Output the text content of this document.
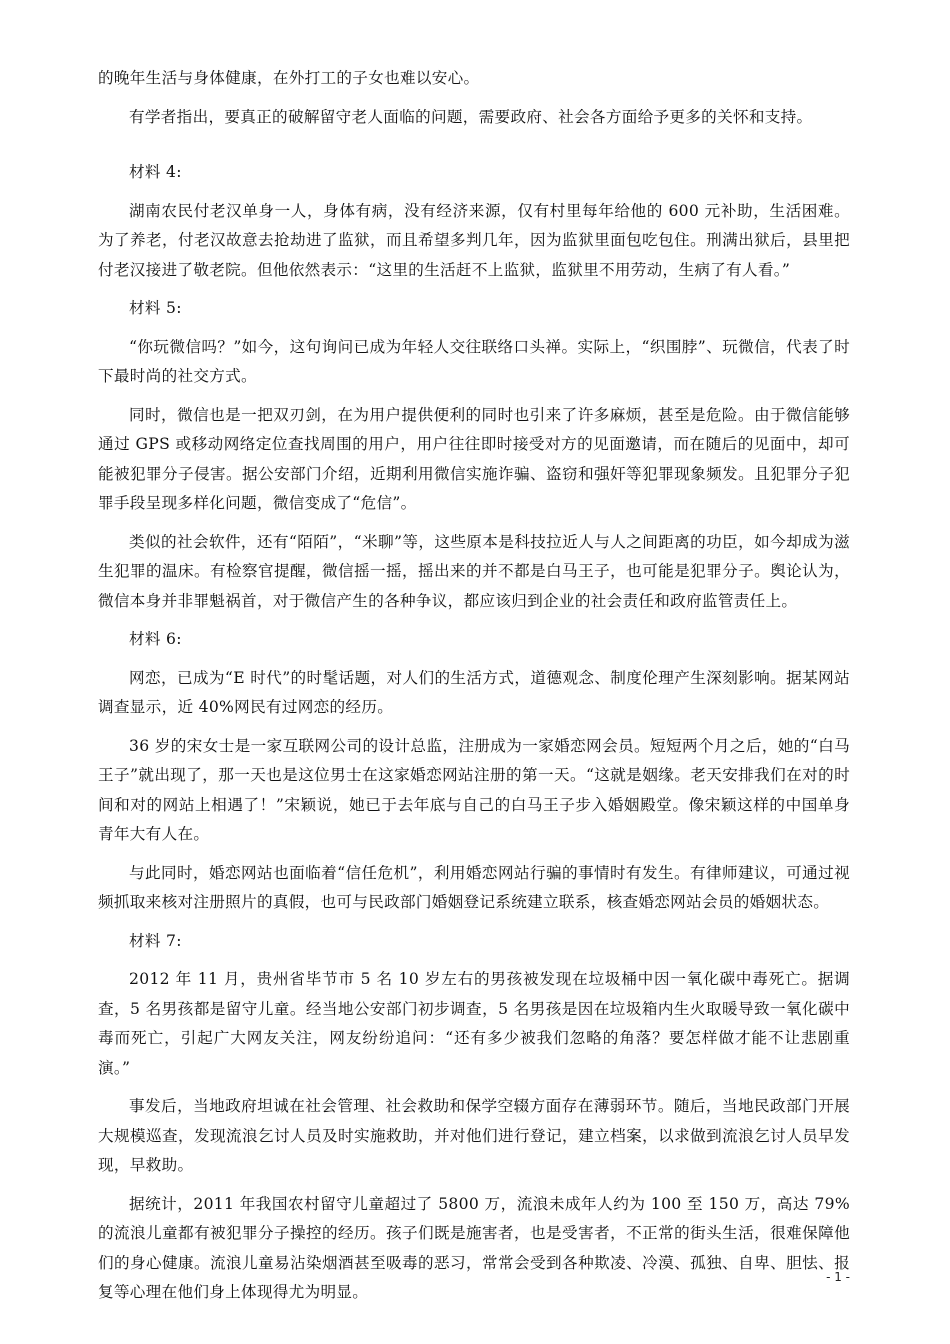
的晚年生活与身体健康，在外打工的子女也难以安心。

有学者指出，要真正的破解留守老人面临的问题，需要政府、社会各方面给予更多的关怀和支持。

材料 4:

湖南农民付老汉单身一人，身体有病，没有经济来源，仅有村里每年给他的 600 元补助，生活困难。为了养老，付老汉故意去抢劫进了监狱，而且希望多判几年，因为监狱里面包吃包住。刑满出狱后，县里把付老汉接进了敬老院。但他依然表示：“这里的生活赶不上监狱，监狱里不用劳动，生病了有人看。”

材料 5:

“你玩微信吗？”如今，这句询问已成为年轻人交往联络口头禅。实际上，“织围脖”、玩微信，代表了时下最时尚的社交方式。

同时，微信也是一把双刃剑，在为用户提供便利的同时也引来了许多麻烦，甚至是危险。由于微信能够通过 GPS 或移动网络定位查找周围的用户，用户往往即时接受对方的见面邀请，而在随后的见面中，却可能被犯罪分子侵害。据公安部门介绍，近期利用微信实施诈骗、盗窃和强奸等犯罪现象频发。且犯罪分子犯罪手段呈现多样化问题，微信变成了“危信”。

类似的社会软件，还有“陌陌”，“米聊”等，这些原本是科技拉近人与人之间距离的功臣，如今却成为滋生犯罪的温床。有检察官提醒，微信摇一摇，摇出来的并不都是白马王子，也可能是犯罪分子。舆论认为，微信本身并非罪魁祸首，对于微信产生的各种争议，都应该归到企业的社会责任和政府监管责任上。

材料 6:

网恋，已成为“E 时代”的时髦话题，对人们的生活方式，道德观念、制度伦理产生深刻影响。据某网站调查显示，近 40%网民有过网恋的经历。

36 岁的宋女士是一家互联网公司的设计总监，注册成为一家婚恋网会员。短短两个月之后，她的“白马王子”就出现了，那一天也是这位男士在这家婚恋网站注册的第一天。“这就是姻缘。老天安排我们在对的时间和对的网站上相遇了！”宋颖说，她已于去年底与自己的白马王子步入婚姻殿堂。像宋颖这样的中国单身青年大有人在。

与此同时，婚恋网站也面临着“信任危机”，利用婚恋网站行骗的事情时有发生。有律师建议，可通过视频抓取来核对注册照片的真假，也可与民政部门婚姻登记系统建立联系，核查婚恋网站会员的婚姻状态。

材料 7:

2012 年 11 月，贵州省毕节市 5 名 10 岁左右的男孩被发现在垃圾桶中因一氧化碳中毒死亡。据调查，5 名男孩都是留守儿童。经当地公安部门初步调查，5 名男孩是因在垃圾箱内生火取暖导致一氧化碳中毒而死亡，引起广大网友关注，网友纷纷追问：“还有多少被我们忽略的角落？要怎样做才能不让悲剧重演。”

事发后，当地政府坦诚在社会管理、社会救助和保学空辍方面存在薄弱环节。随后，当地民政部门开展大规模巡查，发现流浪乞讨人员及时实施救助，并对他们进行登记，建立档案，以求做到流浪乞讨人员早发现，早救助。

据统计，2011 年我国农村留守儿童超过了 5800 万，流浪未成年人约为 100 至 150 万，高达 79%的流浪儿童都有被犯罪分子操控的经历。孩子们既是施害者，也是受害者，不正常的街头生活，很难保障他们的身心健康。流浪儿童易沾染烟酒甚至吸毒的恶习，常常会受到各种欺凌、冷漠、孤独、自卑、胆怯、报复等心理在他们身上体现得尤为明显。

- 1 -
